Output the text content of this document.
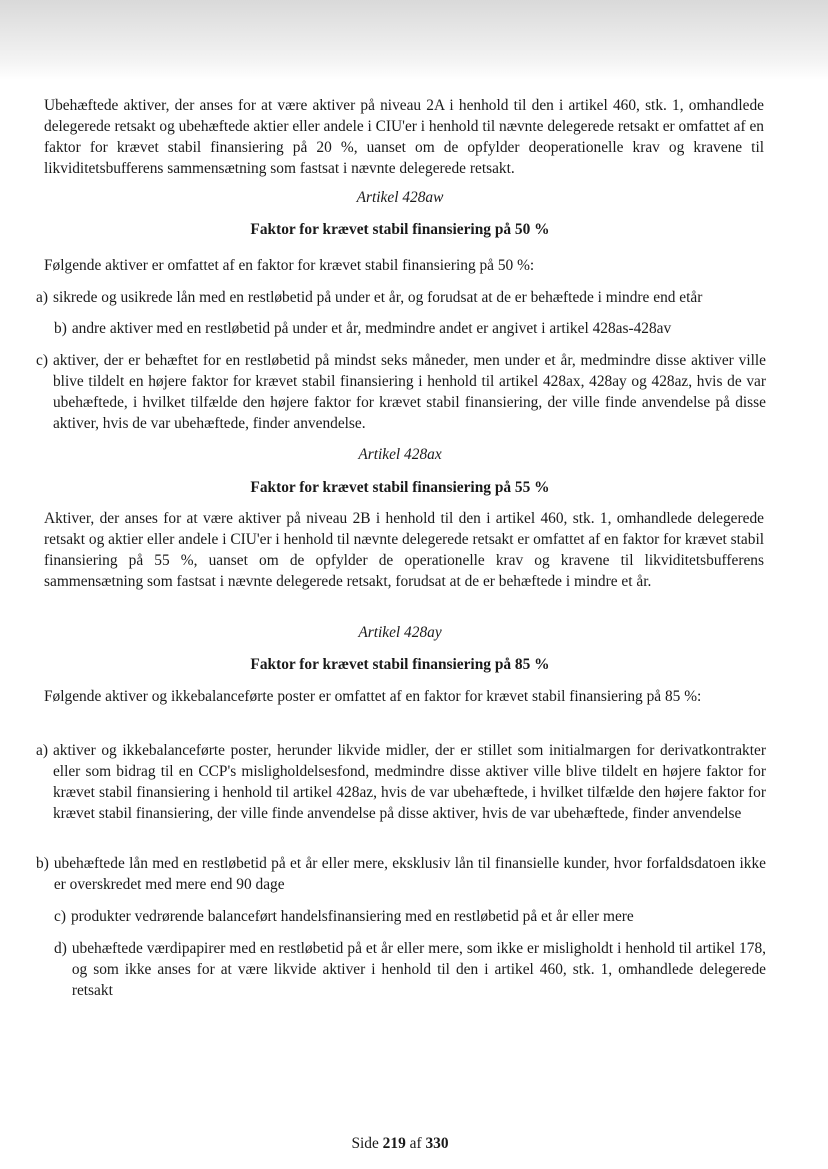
Ubehæftede aktiver, der anses for at være aktiver på niveau 2A i henhold til den i artikel 460, stk. 1, omhandlede delegerede retsakt og ubehæftede aktier eller andele i CIU'er i henhold til nævnte delegerede retsakt er omfattet af en faktor for krævet stabil finansiering på 20 %, uanset om de opfylder deoperationelle krav og kravene til likviditetsbufferens sammensætning som fastsat i nævnte delegerede retsakt.

Artikel 428aw
Faktor for krævet stabil finansiering på 50 %

Følgende aktiver er omfattet af en faktor for krævet stabil finansiering på 50 %:

a) sikrede og usikrede lån med en restløbetid på under et år, og forudsat at de er behæftede i mindre end etår
b) andre aktiver med en restløbetid på under et år, medmindre andet er angivet i artikel 428as-428av
c) aktiver, der er behæftet for en restløbetid på mindst seks måneder, men under et år, medmindre disse aktiver ville blive tildelt en højere faktor for krævet stabil finansiering i henhold til artikel 428ax, 428ay og 428az, hvis de var ubehæftede, i hvilket tilfælde den højere faktor for krævet stabil finansiering, der ville finde anvendelse på disse aktiver, hvis de var ubehæftede, finder anvendelse.
Artikel 428ax
Faktor for krævet stabil finansiering på 55 %

Aktiver, der anses for at være aktiver på niveau 2B i henhold til den i artikel 460, stk. 1, omhandlede delegerede retsakt og aktier eller andele i CIU'er i henhold til nævnte delegerede retsakt er omfattet af en faktor for krævet stabil finansiering på 55 %, uanset om de opfylder de operationelle krav og kravene til likviditetsbufferens sammensætning som fastsat i nævnte delegerede retsakt, forudsat at de er behæftede i mindre et år.

Artikel 428ay
Faktor for krævet stabil finansiering på 85 %

Følgende aktiver og ikkebalanceførte poster er omfattet af en faktor for krævet stabil finansiering på 85 %:

a) aktiver og ikkebalanceførte poster, herunder likvide midler, der er stillet som initialmargen for derivatkontrakter eller som bidrag til en CCP's misligholdelsesfond, medmindre disse aktiver ville blive tildelt en højere faktor for krævet stabil finansiering i henhold til artikel 428az, hvis de var ubehæftede, i hvilket tilfælde den højere faktor for krævet stabil finansiering, der ville finde anvendelse på disse aktiver, hvis de var ubehæftede, finder anvendelse
b) ubehæftede lån med en restløbetid på et år eller mere, eksklusiv lån til finansielle kunder, hvor forfaldsdatoen ikke er overskredet med mere end 90 dage
c) produkter vedrørende balanceført handelsfinansiering med en restløbetid på et år eller mere
d) ubehæftede værdipapirer med en restløbetid på et år eller mere, som ikke er misligholdt i henhold til artikel 178, og som ikke anses for at være likvide aktiver i henhold til den i artikel 460, stk. 1, omhandlede delegerede retsakt
Side 219 af 330
